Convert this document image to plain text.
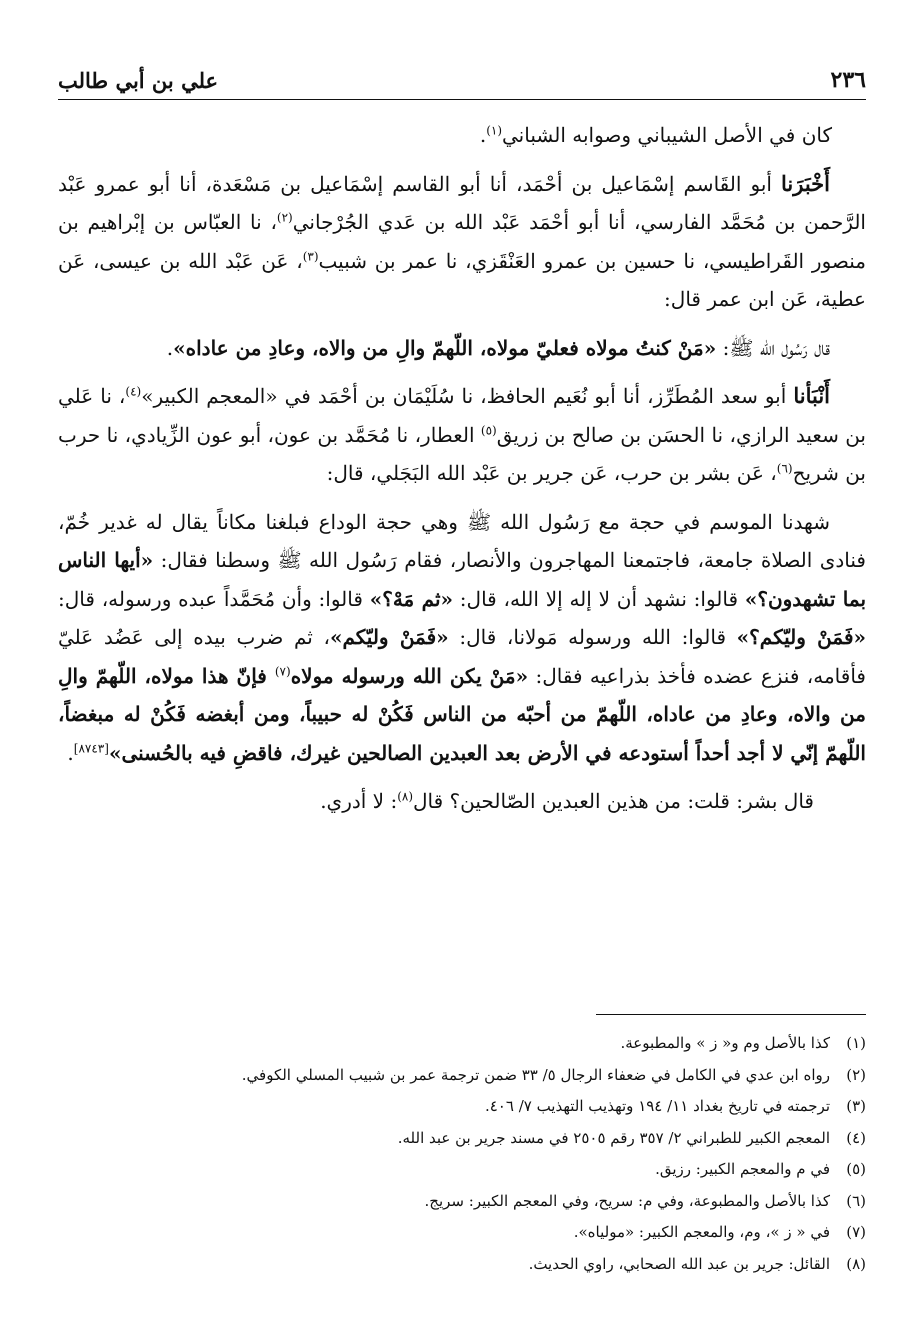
٢٣٦
علي بن أبي طالب

كان في الأصل الشيباني وصوابه الشباني$^{(١)}$.

أَخْبَرَنا أبو القَاسم إسْمَاعيل بن أحْمَد، أنا أبو القاسم إسْمَاعيل بن مَسْعَدة، أنا أبو عمرو عَبْد الرَّحمن بن مُحَمَّد الفارسي، أنا أبو أحْمَد عَبْد الله بن عَدي الجُرْجاني$^{(٢)}$، نا العبّاس بن إبْراهيم بن منصور القَراطيسي، نا حسين بن عمرو العَنْقَزي، نا عمر بن شبيب$^{(٣)}$، عَن عَبْد الله بن عيسى، عَن عطية، عَن ابن عمر قال:

قال رَسُول الله ﷺ: «مَنْ كنتُ مولاه فعليّ مولاه، اللّهمّ والِ من والاه، وعادِ من عاداه».

أَنْبَأنا أبو سعد المُطَرِّز، أنا أبو نُعَيم الحافظ، نا سُلَيْمَان بن أحْمَد في «المعجم الكبير»$^{(٤)}$، نا عَلي بن سعيد الرازي، نا الحسَن بن صالح بن زريق$^{(٥)}$ العطار، نا مُحَمَّد بن عون، أبو عون الزِّيادي، نا حرب بن شريح$^{(٦)}$، عَن بشر بن حرب، عَن جرير بن عَبْد الله البَجَلي، قال:

شهدنا الموسم في حجة مع رَسُول الله ﷺ وهي حجة الوداع فبلغنا مكاناً يقال له غدير خُمّ، فنادى الصلاة جامعة، فاجتمعنا المهاجرون والأنصار، فقام رَسُول الله ﷺ وسطنا فقال: «أيها الناس بما تشهدون؟» قالوا: نشهد أن لا إله إلا الله، قال: «ثم مَهْ؟» قالوا: وأن مُحَمَّداً عبده ورسوله، قال: «فَمَنْ وليّكم؟» قالوا: الله ورسوله مَولانا، قال: «فَمَنْ وليّكم»، ثم ضرب بيده إلى عَضُد عَليّ فأقامه، فنزع عضده فأخذ بذراعيه فقال: «مَنْ يكن الله ورسوله مولاه$^{(٧)}$ فإنّ هذا مولاه، اللّهمّ والِ من والاه، وعادِ من عاداه، اللّهمّ من أحبّه من الناس فَكُنْ له حبيباً، ومن أبغضه فَكُنْ له مبغضاً، اللّهمّ إنّي لا أجد أحداً أستودعه في الأرض بعد العبدين الصالحين غيرك، فاقضِ فيه بالحُسنى»[٨٧٤٣].

قال بشر: قلت: من هذين العبدين الصّالحين؟ قال$^{(٨)}$: لا أدري.

(١)
كذا بالأصل وم و« ز » والمطبوعة.
(٢)
رواه ابن عدي في الكامل في ضعفاء الرجال ٥/ ٣٣ ضمن ترجمة عمر بن شبيب المسلي الكوفي.
(٣)
ترجمته في تاريخ بغداد ١١/ ١٩٤ وتهذيب التهذيب ٧/ ٤٠٦.
(٤)
المعجم الكبير للطبراني ٢/ ٣٥٧ رقم ٢٥٠٥ في مسند جرير بن عبد الله.
(٥)
في م والمعجم الكبير: رزيق.
(٦)
كذا بالأصل والمطبوعة، وفي م: سريح، وفي المعجم الكبير: سريج.
(٧)
في « ز »، وم، والمعجم الكبير: «مولياه».
(٨)
القائل: جرير بن عبد الله الصحابي، راوي الحديث.
